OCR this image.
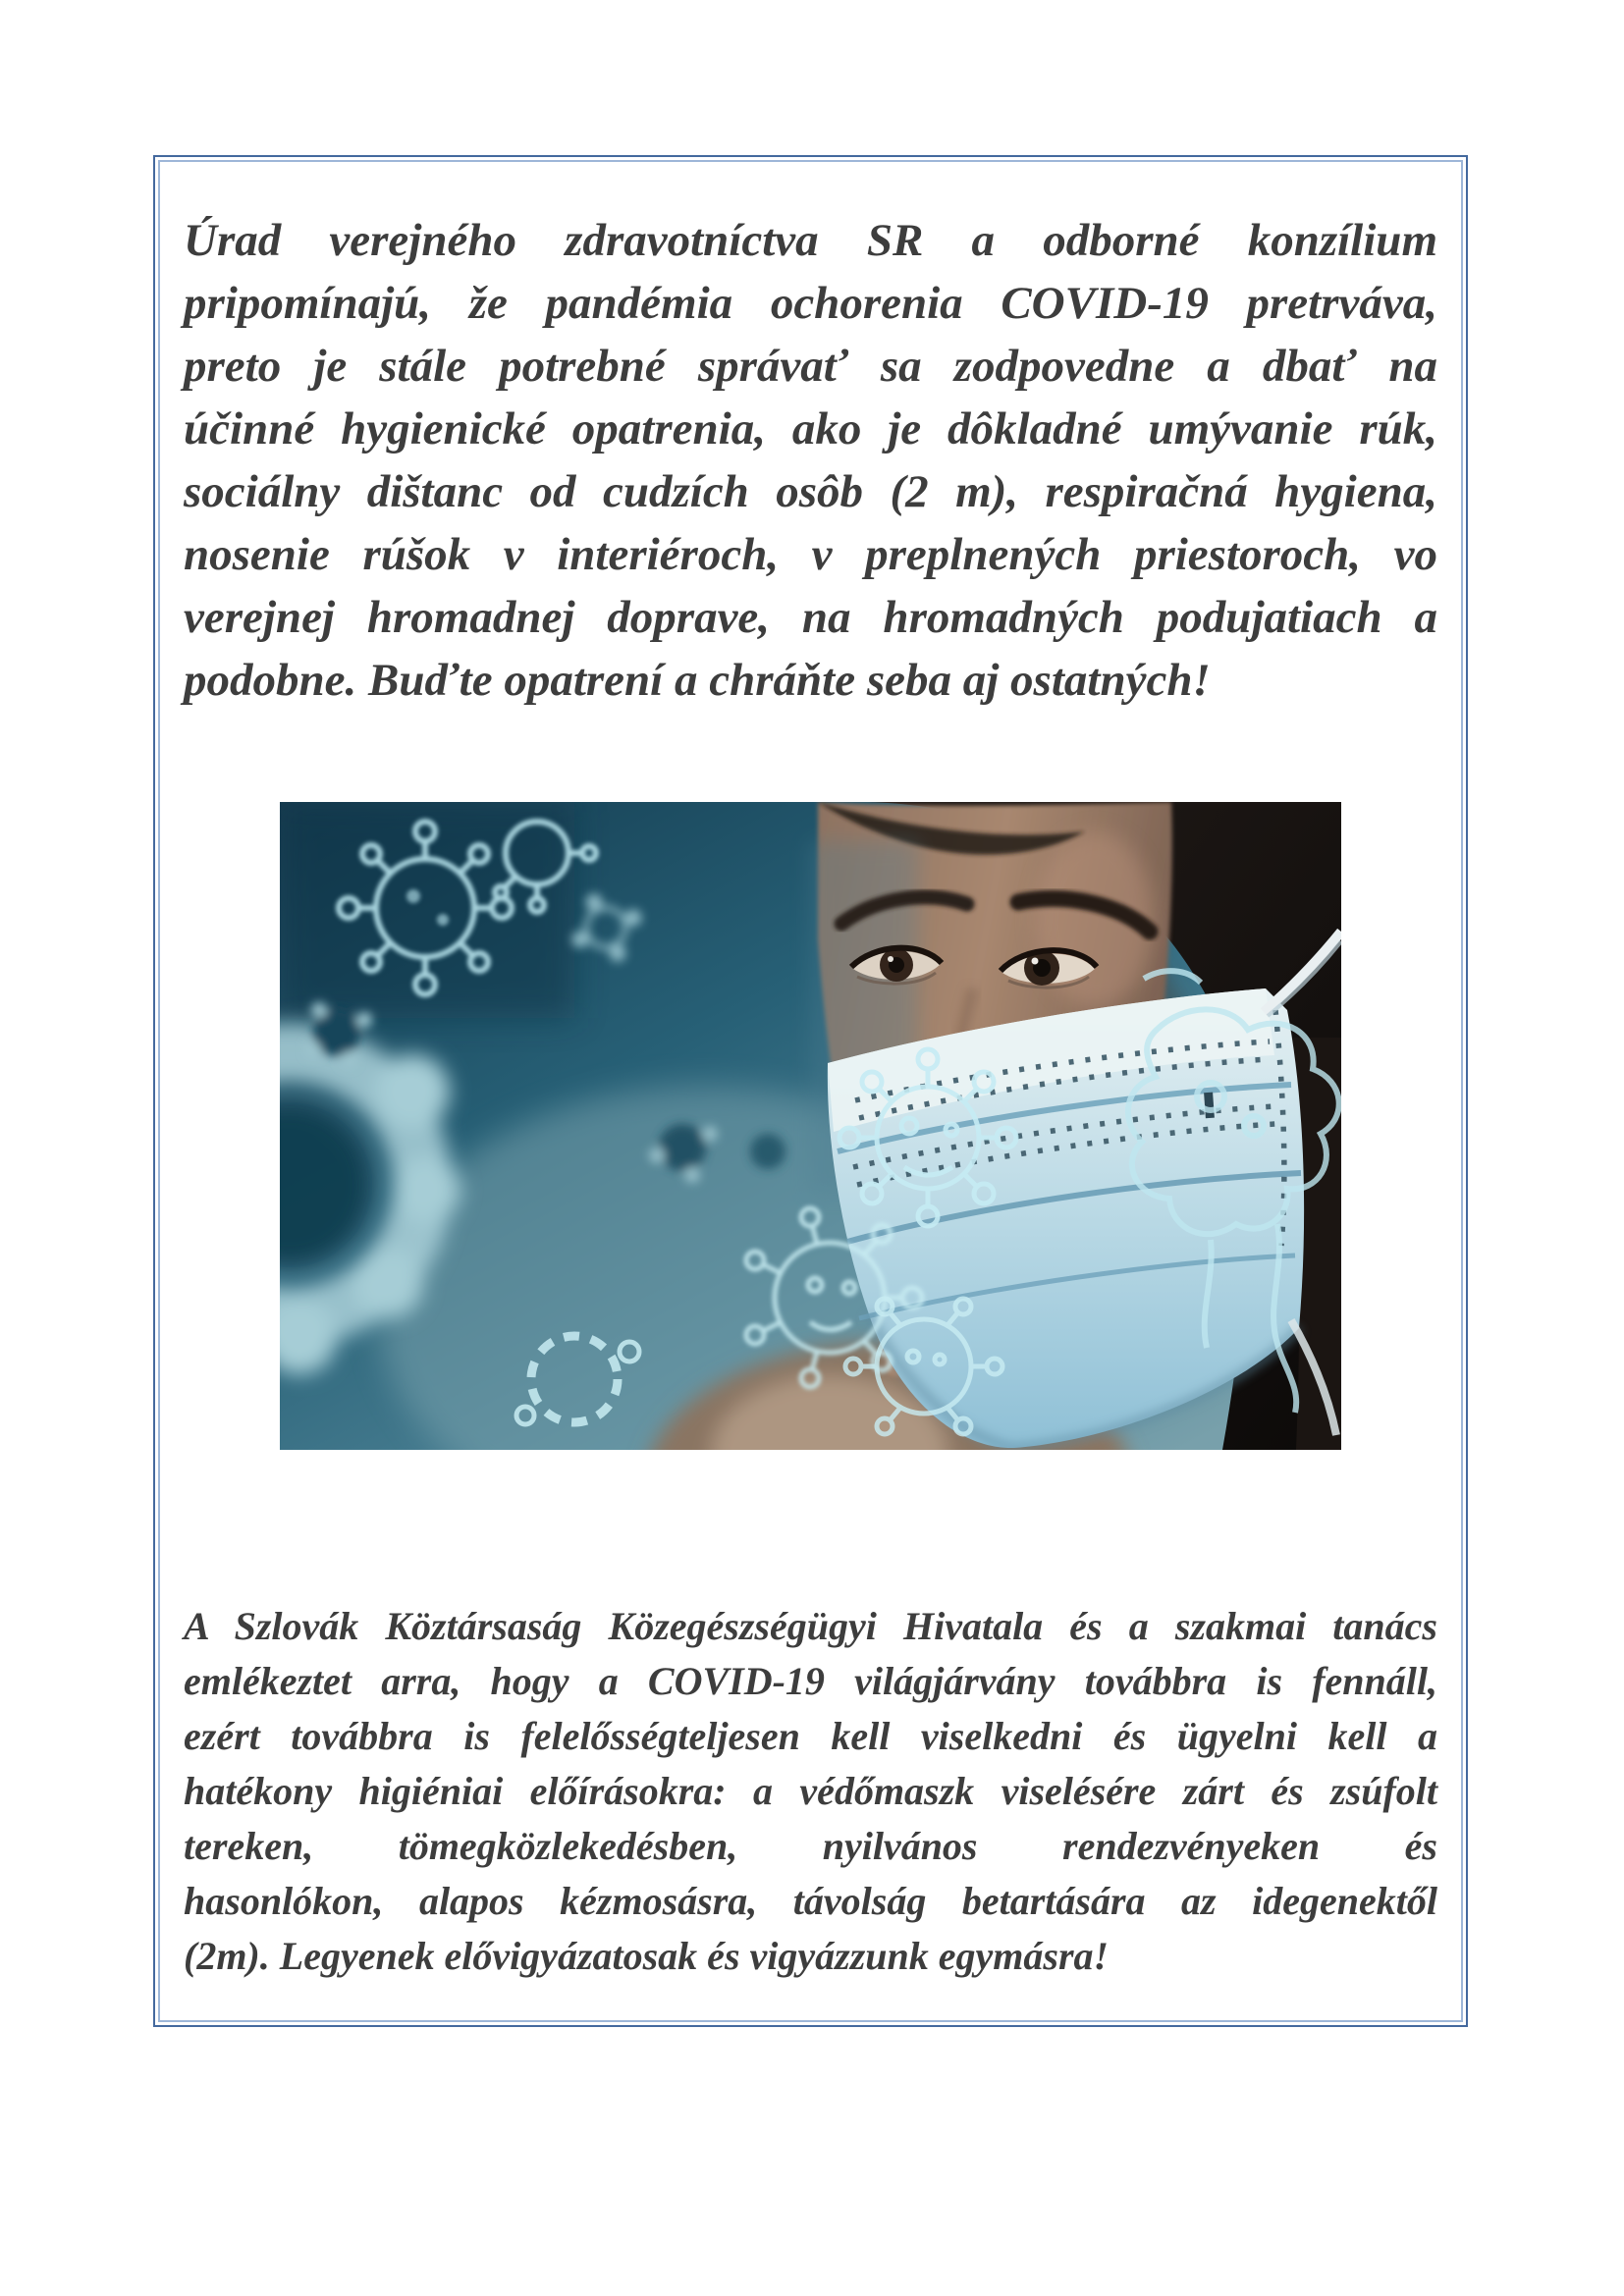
Úrad verejného zdravotníctva SR a odborné konzílium
pripomínajú, že pandémia ochorenia COVID-19 pretrváva,
preto je stále potrebné správať sa zodpovedne a dbať na
účinné hygienické opatrenia, ako je dôkladné umývanie rúk,
sociálny dištanc od cudzích osôb (2 m), respiračná hygiena,
nosenie rúšok v interiéroch, v preplnených priestoroch, vo
verejnej hromadnej doprave, na hromadných podujatiach a
podobne. Buďte opatrení a chráňte seba aj ostatných!
A Szlovák Köztársaság Közegészségügyi Hivatala és a szakmai tanács
emlékeztet arra, hogy a COVID-19 világjárvány továbbra is fennáll,
ezért továbbra is felelősségteljesen kell viselkedni és ügyelni kell a
hatékony higiéniai előírásokra: a védőmaszk viselésére zárt és zsúfolt
tereken, tömegközlekedésben, nyilvános rendezvényeken és
hasonlókon, alapos kézmosásra, távolság betartására az idegenektől
(2m). Legyenek elővigyázatosak és vigyázzunk egymásra!
